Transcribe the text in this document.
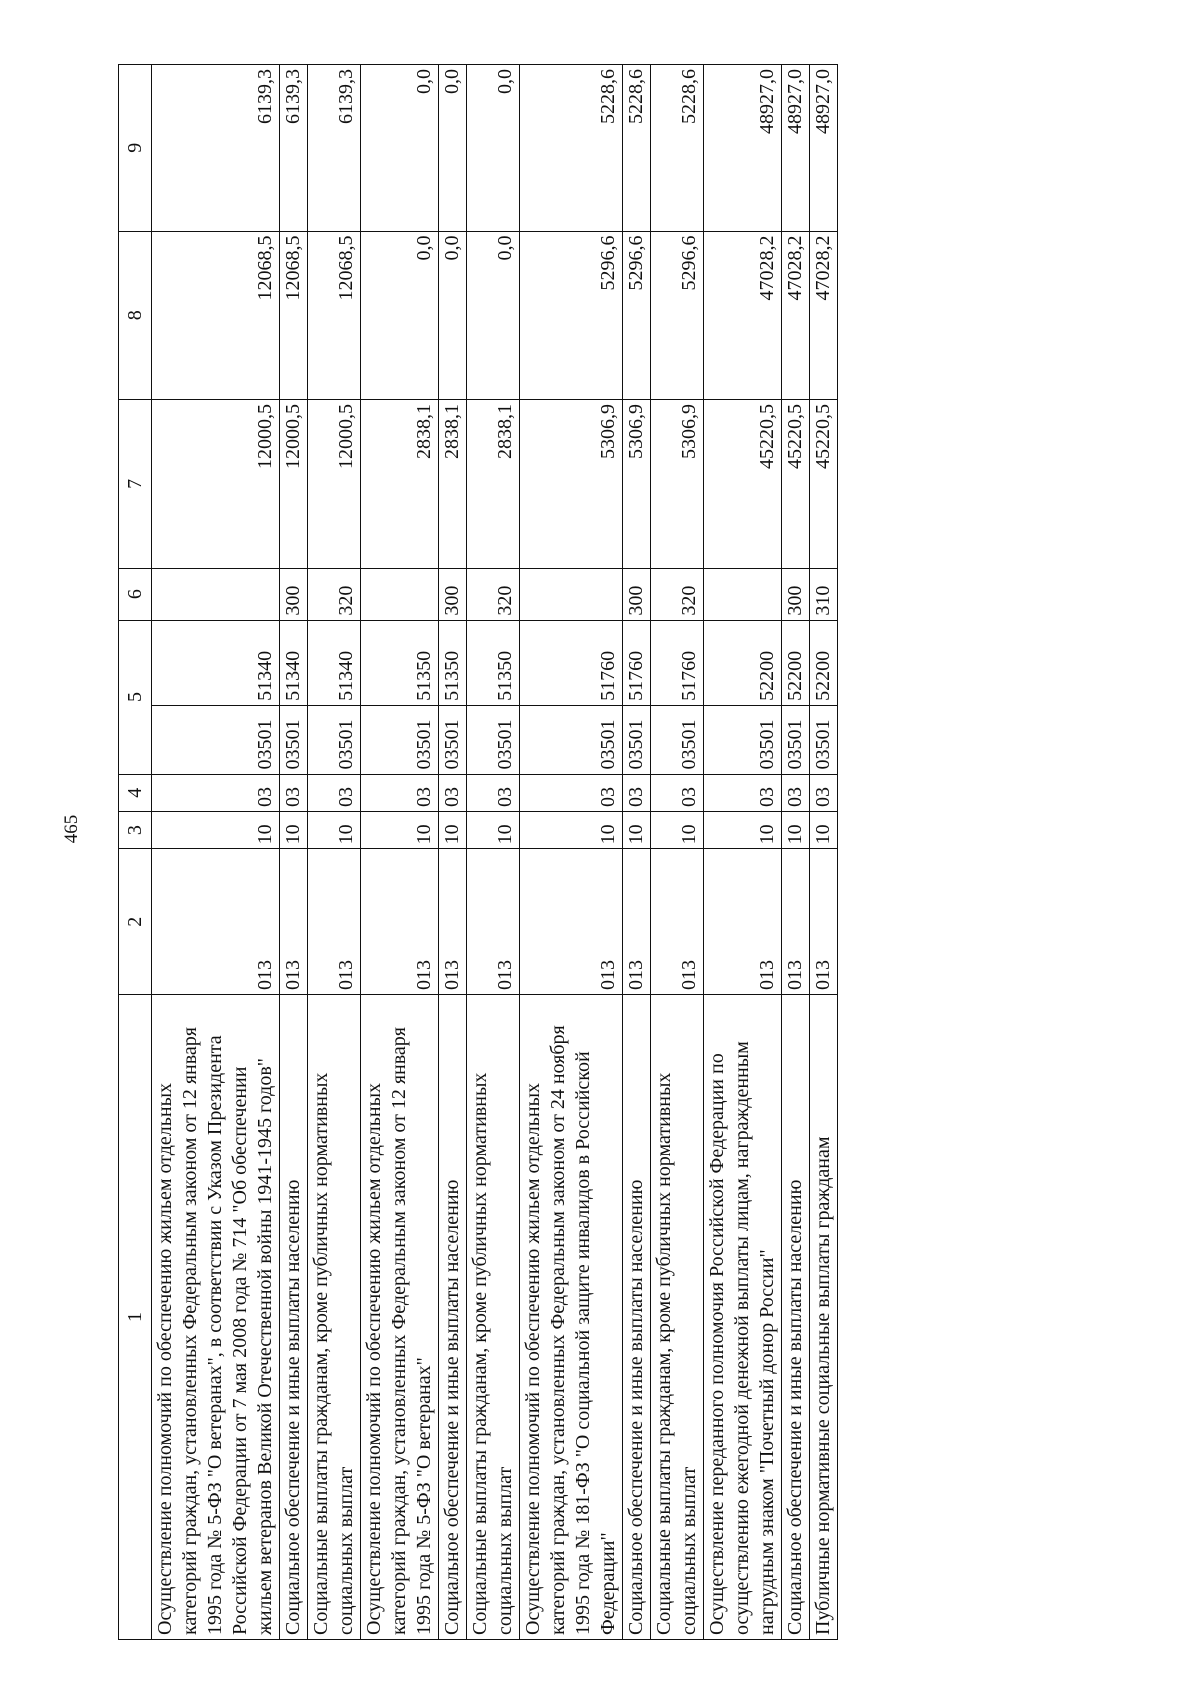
465
1	2	3	4	5		6	7	8	9
Осуществление полномочий по обеспечению жильем отдельных категорий граждан, установленных Федеральным законом от 12 января 1995 года № 5-ФЗ "О ветеранах", в соответствии с Указом Президента Российской Федерации от 7 мая 2008 года № 714 "Об обеспечении жильем ветеранов Великой Отечественной войны 1941-1945 годов"	013	10	03	03501	51340		12000,5	12068,5	6139,3
Социальное обеспечение и иные выплаты населению	013	10	03	03501	51340	300	12000,5	12068,5	6139,3
Социальные выплаты гражданам, кроме публичных нормативных социальных выплат	013	10	03	03501	51340	320	12000,5	12068,5	6139,3
Осуществление полномочий по обеспечению жильем отдельных категорий граждан, установленных Федеральным законом от 12 января 1995 года № 5-ФЗ "О ветеранах"	013	10	03	03501	51350		2838,1	0,0	0,0
Социальное обеспечение и иные выплаты населению	013	10	03	03501	51350	300	2838,1	0,0	0,0
Социальные выплаты гражданам, кроме публичных нормативных социальных выплат	013	10	03	03501	51350	320	2838,1	0,0	0,0
Осуществление полномочий по обеспечению жильем отдельных категорий граждан, установленных Федеральным законом от 24 ноября 1995 года № 181-ФЗ "О социальной защите инвалидов в Российской Федерации"	013	10	03	03501	51760		5306,9	5296,6	5228,6
Социальное обеспечение и иные выплаты населению	013	10	03	03501	51760	300	5306,9	5296,6	5228,6
Социальные выплаты гражданам, кроме публичных нормативных социальных выплат	013	10	03	03501	51760	320	5306,9	5296,6	5228,6
Осуществление переданного полномочия Российской Федерации по осуществлению ежегодной денежной выплаты лицам, награжденным нагрудным знаком "Почетный донор России"	013	10	03	03501	52200		45220,5	47028,2	48927,0
Социальное обеспечение и иные выплаты населению	013	10	03	03501	52200	300	45220,5	47028,2	48927,0
Публичные нормативные социальные выплаты гражданам	013	10	03	03501	52200	310	45220,5	47028,2	48927,0
